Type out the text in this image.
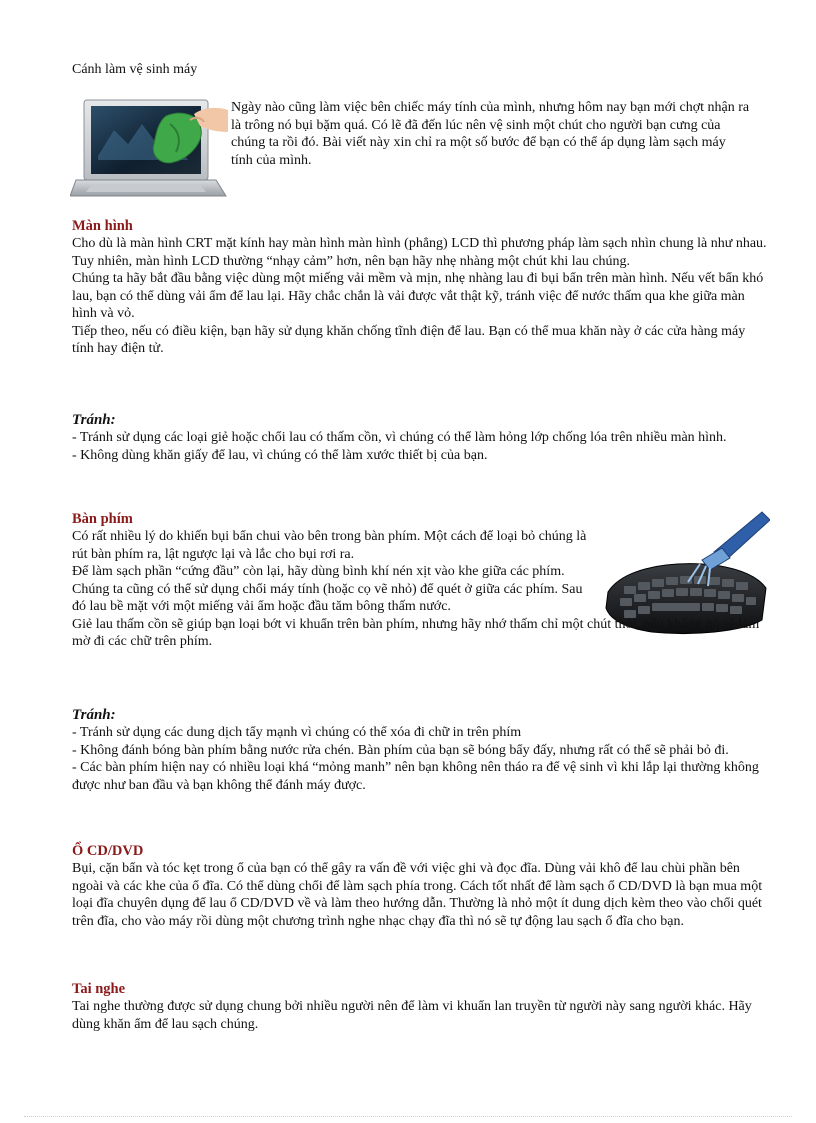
Cánh làm vệ sinh máy

Ngày nào cũng làm việc bên chiếc máy tính của mình, nhưng hôm nay bạn mới chợt nhận ra là trông nó bụi bặm quá. Có lẽ đã đến lúc nên vệ sinh một chút cho người bạn cưng của chúng ta rồi đó. Bài viết này xin chỉ ra một số bước để bạn có thể áp dụng làm sạch máy tính của mình.

Màn hình

Cho dù là màn hình CRT mặt kính hay màn hình màn hình (phẳng) LCD thì phương pháp làm sạch nhìn chung là như nhau. Tuy nhiên, màn hình LCD thường “nhạy cảm” hơn, nên bạn hãy nhẹ nhàng một chút khi lau chúng.

Chúng ta hãy bắt đầu bằng việc dùng một miếng vải mềm và mịn, nhẹ nhàng lau đi bụi bẩn trên màn hình. Nếu vết bẩn khó lau, bạn có thể dùng vải ẩm để lau lại. Hãy chắc chắn là vải được vắt thật kỹ, tránh việc để nước thấm qua khe giữa màn hình và vỏ.

Tiếp theo, nếu có điều kiện, bạn hãy sử dụng khăn chống tĩnh điện để lau. Bạn có thể mua khăn này ở các cửa hàng máy tính hay điện tử.

Tránh:

- Tránh sử dụng các loại giẻ hoặc chổi lau có thấm cồn, vì chúng có thể làm hỏng lớp chống lóa trên nhiều màn hình.

- Không dùng khăn giấy để lau, vì chúng có thể làm xước thiết bị của bạn.

Bàn phím

Có rất nhiều lý do khiến bụi bẩn chui vào bên trong bàn phím. Một cách để loại bỏ chúng là rút bàn phím ra, lật ngược lại và lắc cho bụi rơi ra.

Để làm sạch phần “cứng đầu” còn lại, hãy dùng bình khí nén xịt vào khe giữa các phím.

Chúng ta cũng có thể sử dụng chổi máy tính (hoặc cọ vẽ nhỏ) để quét ở giữa các phím. Sau đó lau bề mặt với một miếng vải ẩm hoặc đầu tăm bông thấm nước.

Giẻ lau thấm cồn sẽ giúp bạn loại bớt vi khuẩn trên bàn phím, nhưng hãy nhớ thấm chỉ một chút thôi, nếu không nó sẽ làm mờ đi các chữ trên phím.

Tránh:

- Tránh sử dụng các dung dịch tẩy mạnh vì chúng có thể xóa đi chữ in trên phím

- Không đánh bóng bàn phím bằng nước rửa chén. Bàn phím của bạn sẽ bóng bẩy đấy, nhưng rất có thể sẽ phải bỏ đi.

- Các bàn phím hiện nay có nhiều loại khá “mỏng manh” nên bạn không nên tháo ra để vệ sinh vì khi lắp lại thường không được như ban đầu và bạn không thể đánh máy được.

Ổ CD/DVD

Bụi, cặn bẩn và tóc kẹt trong ổ của bạn có thể gây ra vấn đề với việc ghi và đọc đĩa. Dùng vải khô để lau chùi phần bên ngoài và các khe của ổ đĩa. Có thể dùng chổi để làm sạch phía trong. Cách tốt nhất để làm sạch ổ CD/DVD là bạn mua một loại đĩa chuyên dụng để lau ổ CD/DVD về và làm theo hướng dẫn. Thường là nhỏ một ít dung dịch kèm theo vào chổi quét trên đĩa, cho vào máy rồi dùng một chương trình nghe nhạc chạy đĩa thì nó sẽ tự động lau sạch ổ đĩa cho bạn.

Tai nghe

Tai nghe thường được sử dụng chung bởi nhiều người nên để làm vi khuẩn lan truyền từ người này sang người khác. Hãy dùng khăn ẩm để lau sạch chúng.
